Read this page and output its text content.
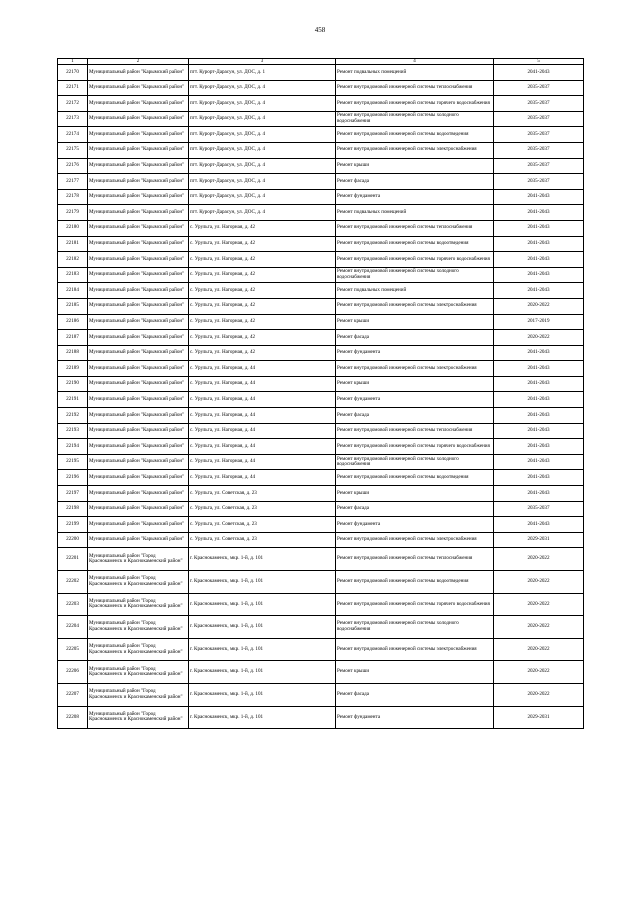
458
1	2	3	4	5
22170	Муниципальный район "Карымский район"	пгт. Курорт-Дарасун, ул. ДОС, д. 1	Ремонт подвальных помещений	2041-2043
22171	Муниципальный район "Карымский район"	пгт. Курорт-Дарасун, ул. ДОС, д. 4	Ремонт внутридомовой инженерной системы теплоснабжения	2035-2037
22172	Муниципальный район "Карымский район"	пгт. Курорт-Дарасун, ул. ДОС, д. 4	Ремонт внутридомовой инженерной системы горячего водоснабжения	2035-2037
22173	Муниципальный район "Карымский район"	пгт. Курорт-Дарасун, ул. ДОС, д. 4	Ремонт внутридомовой инженерной системы холодного водоснабжения	2035-2037
22174	Муниципальный район "Карымский район"	пгт. Курорт-Дарасун, ул. ДОС, д. 4	Ремонт внутридомовой инженерной системы водоотведения	2035-2037
22175	Муниципальный район "Карымский район"	пгт. Курорт-Дарасун, ул. ДОС, д. 4	Ремонт внутридомовой инженерной системы электроснабжения	2035-2037
22176	Муниципальный район "Карымский район"	пгт. Курорт-Дарасун, ул. ДОС, д. 4	Ремонт крыши	2035-2037
22177	Муниципальный район "Карымский район"	пгт. Курорт-Дарасун, ул. ДОС, д. 4	Ремонт фасада	2035-2037
22178	Муниципальный район "Карымский район"	пгт. Курорт-Дарасун, ул. ДОС, д. 4	Ремонт фундамента	2041-2043
22179	Муниципальный район "Карымский район"	пгт. Курорт-Дарасун, ул. ДОС, д. 4	Ремонт подвальных помещений	2041-2043
22180	Муниципальный район "Карымский район"	с. Урульга, ул. Нагорная, д. 42	Ремонт внутридомовой инженерной системы теплоснабжения	2041-2043
22181	Муниципальный район "Карымский район"	с. Урульга, ул. Нагорная, д. 42	Ремонт внутридомовой инженерной системы водоотведения	2041-2043
22182	Муниципальный район "Карымский район"	с. Урульга, ул. Нагорная, д. 42	Ремонт внутридомовой инженерной системы горячего водоснабжения	2041-2043
22183	Муниципальный район "Карымский район"	с. Урульга, ул. Нагорная, д. 42	Ремонт внутридомовой инженерной системы холодного водоснабжения	2041-2043
22184	Муниципальный район "Карымский район"	с. Урульга, ул. Нагорная, д. 42	Ремонт подвальных помещений	2041-2043
22185	Муниципальный район "Карымский район"	с. Урульга, ул. Нагорная, д. 42	Ремонт внутридомовой инженерной системы электроснабжения	2020-2022
22186	Муниципальный район "Карымский район"	с. Урульга, ул. Нагорная, д. 42	Ремонт крыши	2017-2019
22187	Муниципальный район "Карымский район"	с. Урульга, ул. Нагорная, д. 42	Ремонт фасада	2020-2022
22188	Муниципальный район "Карымский район"	с. Урульга, ул. Нагорная, д. 42	Ремонт фундамента	2041-2043
22189	Муниципальный район "Карымский район"	с. Урульга, ул. Нагорная, д. 44	Ремонт внутридомовой инженерной системы электроснабжения	2041-2043
22190	Муниципальный район "Карымский район"	с. Урульга, ул. Нагорная, д. 44	Ремонт крыши	2041-2043
22191	Муниципальный район "Карымский район"	с. Урульга, ул. Нагорная, д. 44	Ремонт фундамента	2041-2043
22192	Муниципальный район "Карымский район"	с. Урульга, ул. Нагорная, д. 44	Ремонт фасада	2041-2043
22193	Муниципальный район "Карымский район"	с. Урульга, ул. Нагорная, д. 44	Ремонт внутридомовой инженерной системы теплоснабжения	2041-2043
22194	Муниципальный район "Карымский район"	с. Урульга, ул. Нагорная, д. 44	Ремонт внутридомовой инженерной системы горячего водоснабжения	2041-2043
22195	Муниципальный район "Карымский район"	с. Урульга, ул. Нагорная, д. 44	Ремонт внутридомовой инженерной системы холодного водоснабжения	2041-2043
22196	Муниципальный район "Карымский район"	с. Урульга, ул. Нагорная, д. 44	Ремонт внутридомовой инженерной системы водоотведения	2041-2043
22197	Муниципальный район "Карымский район"	с. Урульга, ул. Советская, д. 23	Ремонт крыши	2041-2043
22198	Муниципальный район "Карымский район"	с. Урульга, ул. Советская, д. 23	Ремонт фасада	2035-2037
22199	Муниципальный район "Карымский район"	с. Урульга, ул. Советская, д. 23	Ремонт фундамента	2041-2043
22200	Муниципальный район "Карымский район"	с. Урульга, ул. Советская, д. 23	Ремонт внутридомовой инженерной системы электроснабжения	2029-2031
22201	Муниципальный район "Город Краснокаменск и Краснокаменский район"	г. Краснокаменск, мкр. 1-й, д. 101	Ремонт внутридомовой инженерной системы теплоснабжения	2020-2022
22202	Муниципальный район "Город Краснокаменск и Краснокаменский район"	г. Краснокаменск, мкр. 1-й, д. 101	Ремонт внутридомовой инженерной системы водоотведения	2020-2022
22203	Муниципальный район "Город Краснокаменск и Краснокаменский район"	г. Краснокаменск, мкр. 1-й, д. 101	Ремонт внутридомовой инженерной системы горячего водоснабжения	2020-2022
22204	Муниципальный район "Город Краснокаменск и Краснокаменский район"	г. Краснокаменск, мкр. 1-й, д. 101	Ремонт внутридомовой инженерной системы холодного водоснабжения	2020-2022
22205	Муниципальный район "Город Краснокаменск и Краснокаменский район"	г. Краснокаменск, мкр. 1-й, д. 101	Ремонт внутридомовой инженерной системы электроснабжения	2020-2022
22206	Муниципальный район "Город Краснокаменск и Краснокаменский район"	г. Краснокаменск, мкр. 1-й, д. 101	Ремонт крыши	2020-2022
22207	Муниципальный район "Город Краснокаменск и Краснокаменский район"	г. Краснокаменск, мкр. 1-й, д. 101	Ремонт фасада	2020-2022
22208	Муниципальный район "Город Краснокаменск и Краснокаменский район"	г. Краснокаменск, мкр. 1-й, д. 101	Ремонт фундамента	2029-2031
